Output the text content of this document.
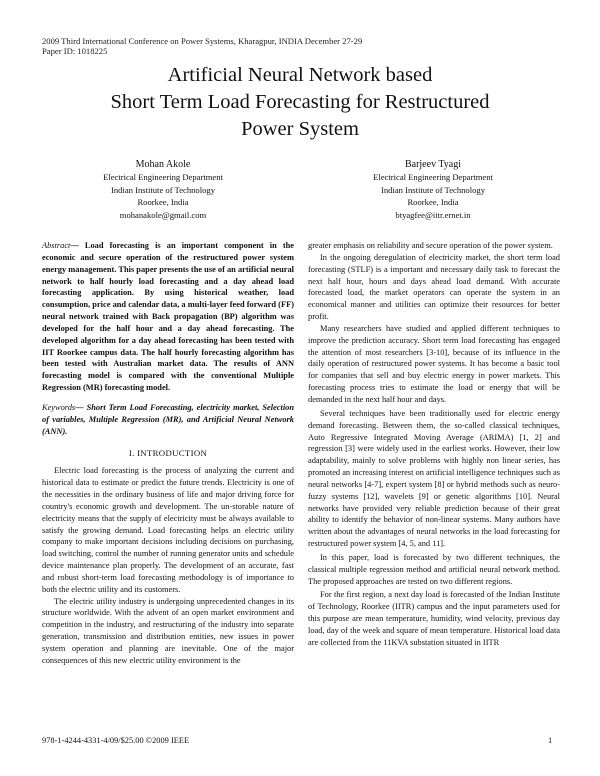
2009 Third International Conference on Power Systems, Kharagpur, INDIA December 27-29
Paper ID: 1018225
Artificial Neural Network based
Short Term Load Forecasting for Restructured
Power System
Mohan Akole
Electrical Engineering Department
Indian Institute of Technology
Roorkee, India
mohanakole@gmail.com
Barjeev Tyagi
Electrical Engineering Department
Indian Institute of Technology
Roorkee, India
btyagfee@iitr.ernet.in

Abstract— Load forecasting is an important component in the economic and secure operation of the restructured power system energy management. This paper presents the use of an artificial neural network to half hourly load forecasting and a day ahead load forecasting application. By using historical weather, load consumption, price and calendar data, a multi-layer feed forward (FF) neural network trained with Back propagation (BP) algorithm was developed for the half hour and a day ahead forecasting. The developed algorithm for a day ahead forecasting has been tested with IIT Roorkee campus data. The half hourly forecasting algorithm has been tested with Australian market data. The results of ANN forecasting model is compared with the conventional Multiple Regression (MR) forecasting model.

Keywords— Short Term Load Forecasting, electricity market, Selection of variables, Multiple Regression (MR), and Artificial Neural Network (ANN).

I. INTRODUCTION

Electric load forecasting is the process of analyzing the current and historical data to estimate or predict the future trends. Electricity is one of the necessities in the ordinary business of life and major driving force for country's economic growth and development. The un-storable nature of electricity means that the supply of electricity must be always available to satisfy the growing demand. Load forecasting helps an electric utility company to make important decisions including decisions on purchasing, load switching, control the number of running generator units and schedule device maintenance plan properly. The development of an accurate, fast and robust short-term load forecasting methodology is of importance to both the electric utility and its customers.

The electric utility industry is undergoing unprecedented changes in its structure worldwide. With the advent of an open market environment and competition in the industry, and restructuring of the industry into separate generation, transmission and distribution entities, new issues in power system operation and planning are inevitable. One of the major consequences of this new electric utility environment is the

greater emphasis on reliability and secure operation of the power system.

In the ongoing deregulation of electricity market, the short term load forecasting (STLF) is a important and necessary daily task to forecast the next half hour, hours and days ahead load demand. With accurate forecasted load, the market operators can operate the system in an economical manner and utilities can optimize their resources for better profit.

Many researchers have studied and applied different techniques to improve the prediction accuracy. Short term load forecasting has engaged the attention of most researchers [3-10], because of its influence in the daily operation of restructured power systems. It has become a basic tool for companies that sell and buy electric energy in power markets. This forecasting process tries to estimate the load or energy that will be demanded in the next half hour and days.

Several techniques have been traditionally used for electric energy demand forecasting. Between them, the so-called classical techniques, Auto Regressive Integrated Moving Average (ARIMA) [1, 2] and regression [3] were widely used in the earliest works. However, their low adaptability, mainly to solve problems with highly non linear series, has promoted an increasing interest on artificial intelligence techniques such as neural networks [4-7], expert system [8] or hybrid methods such as neuro-fuzzy systems [12], wavelets [9] or genetic algorithms [10]. Neural networks have provided very reliable prediction because of their great ability to identify the behavior of non-linear systems. Many authors have written about the advantages of neural networks in the load forecasting for restructured power system [4, 5, and 11].

In this paper, load is forecasted by two different techniques, the classical multiple regression method and artificial neural network method. The proposed approaches are tested on two different regions.

For the first region, a next day load is forecasted of the Indian Institute of Technology, Roorkee (IITR) campus and the input parameters used for this purpose are mean temperature, humidity, wind velocity, previous day load, day of the week and square of mean temperature. Historical load data are collected from the 11KVA substation situated in IITR

978-1-4244-4331-4/09/$25.00 ©2009 IEEE	1
